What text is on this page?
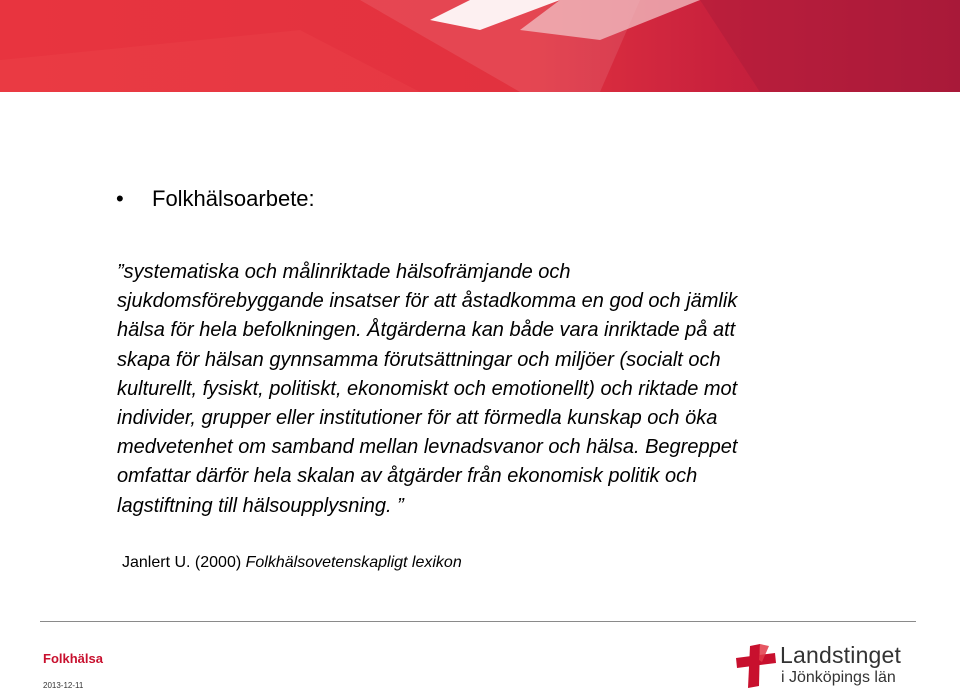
• Folkhälsoarbete:
”systematiska och målinriktade hälsofrämjande och
sjukdomsförebyggande insatser för att åstadkomma en god och jämlik
hälsa för hela befolkningen. Åtgärderna kan både vara inriktade på att
skapa för hälsan gynnsamma förutsättningar och miljöer (socialt och
kulturellt, fysiskt, politiskt, ekonomiskt och emotionellt) och riktade mot
individer, grupper eller institutioner för att förmedla kunskap och öka
medvetenhet om samband mellan levnadsvanor och hälsa. Begreppet
omfattar därför hela skalan av åtgärder från ekonomisk politik och
lagstiftning till hälsoupplysning. ”
Janlert U. (2000) Folkhälsovetenskapligt lexikon
Folkhälsa
2013-12-11
Landstinget
i Jönköpings län
